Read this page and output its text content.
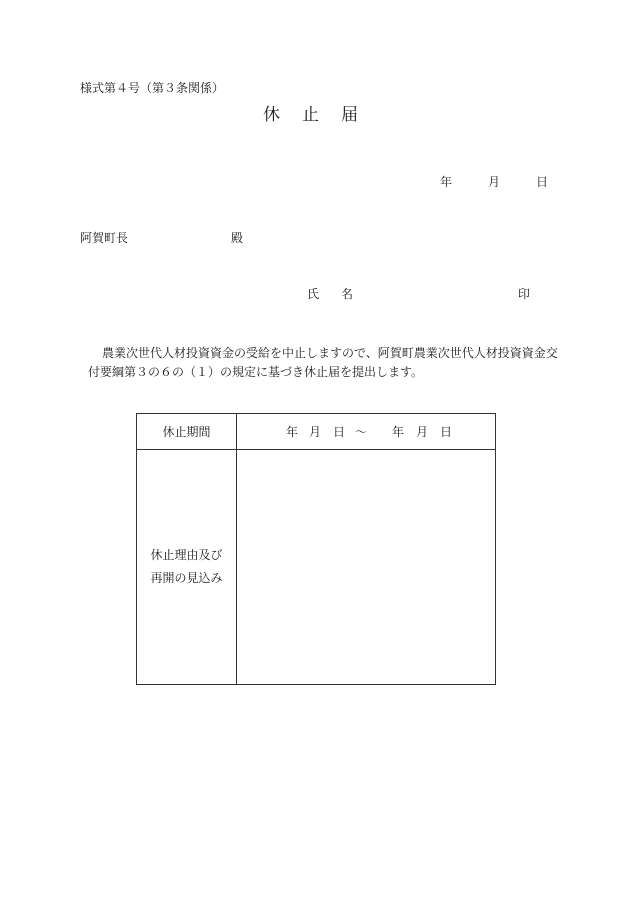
様式第４号（第３条関係）
休 止 届
年	月	日
阿賀町長	殿
氏 名	印
農業次世代人材投資資金の受給を中止しますので、阿賀町農業次世代人材投資資金交
付要綱第３の６の（１）の規定に基づき休止届を提出します。
休止期間	年 月 日 ～ 年 月 日
休止理由及び
再開の見込み
